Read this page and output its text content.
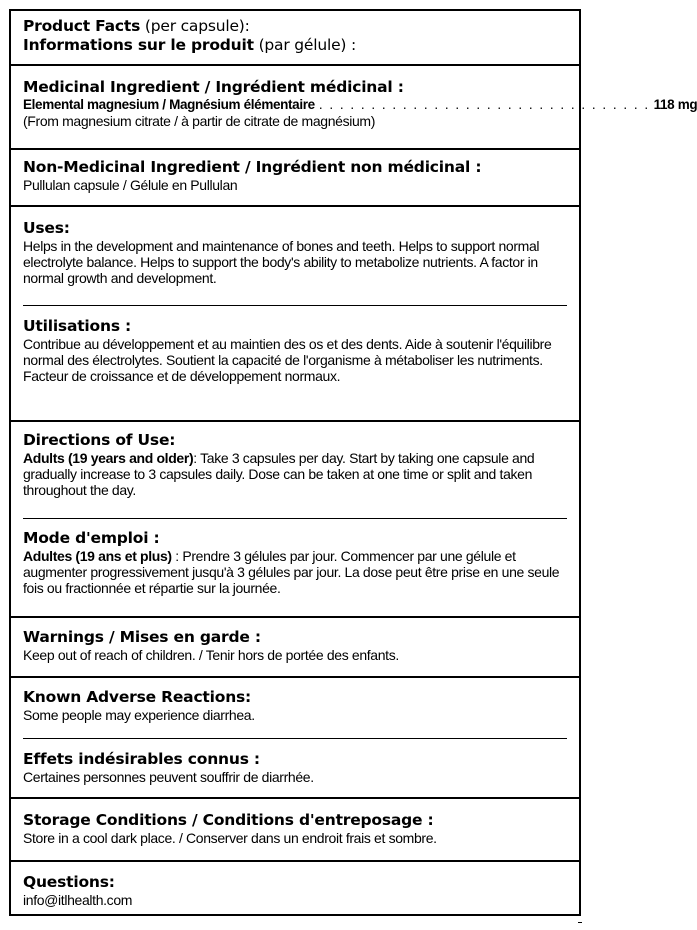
Product Facts (per capsule):
Informations sur le produit (par gélule) :
Medicinal Ingredient / Ingrédient médicinal :
Elemental magnesium / Magnésium élémentaire . . . . . . . . . . . . . . . . . . . . . . . . . . . . . . . . 118 mg
(From magnesium citrate / à partir de citrate de magnésium)
Non-Medicinal Ingredient / Ingrédient non médicinal :
Pullulan capsule / Gélule en Pullulan
Uses:
Helps in the development and maintenance of bones and teeth. Helps to support normal electrolyte balance. Helps to support the body's ability to metabolize nutrients. A factor in normal growth and development.
Utilisations :
Contribue au développement et au maintien des os et des dents. Aide à soutenir l'équilibre normal des électrolytes. Soutient la capacité de l'organisme à métaboliser les nutriments. Facteur de croissance et de développement normaux.
Directions of Use:
Adults (19 years and older): Take 3 capsules per day. Start by taking one capsule and gradually increase to 3 capsules daily. Dose can be taken at one time or split and taken throughout the day.
Mode d'emploi :
Adultes (19 ans et plus) : Prendre 3 gélules par jour. Commencer par une gélule et augmenter progressivement jusqu'à 3 gélules par jour. La dose peut être prise en une seule fois ou fractionnée et répartie sur la journée.
Warnings / Mises en garde :
Keep out of reach of children. / Tenir hors de portée des enfants.
Known Adverse Reactions:
Some people may experience diarrhea.
Effets indésirables connus :
Certaines personnes peuvent souffrir de diarrhée.
Storage Conditions / Conditions d'entreposage :
Store in a cool dark place. / Conserver dans un endroit frais et sombre.
Questions:
info@itlhealth.com
